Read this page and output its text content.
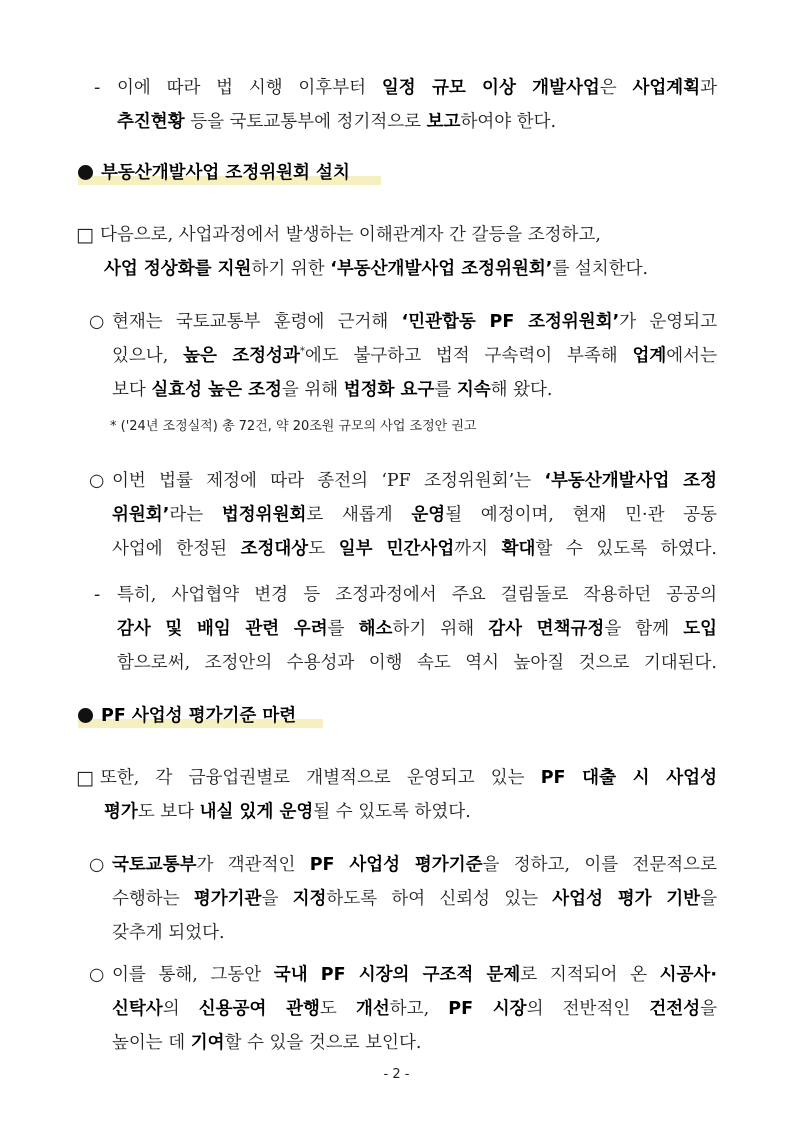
- 이에 따라 법 시행 이후부터 일정 규모 이상 개발사업은 사업계획과
추진현황 등을 국토교통부에 정기적으로 보고하여야 한다.
부동산개발사업 조정위원회 설치
□ 다음으로, 사업과정에서 발생하는 이해관계자 간 갈등을 조정하고,
사업 정상화를 지원하기 위한 ‘부동산개발사업 조정위원회’를 설치한다.
○ 현재는 국토교통부 훈령에 근거해 ‘민관합동 PF 조정위원회’가 운영되고
있으나, 높은 조정성과*에도 불구하고 법적 구속력이 부족해 업계에서는
보다 실효성 높은 조정을 위해 법정화 요구를 지속해 왔다.
* ('24년 조정실적) 총 72건, 약 20조원 규모의 사업 조정안 권고
○ 이번 법률 제정에 따라 종전의 ‘PF 조정위원회’는 ‘부동산개발사업 조정
위원회’라는 법정위원회로 새롭게 운영될 예정이며, 현재 민·관 공동
사업에 한정된 조정대상도 일부 민간사업까지 확대할 수 있도록 하였다.
- 특히, 사업협약 변경 등 조정과정에서 주요 걸림돌로 작용하던 공공의
감사 및 배임 관련 우려를 해소하기 위해 감사 면책규정을 함께 도입
함으로써, 조정안의 수용성과 이행 속도 역시 높아질 것으로 기대된다.
PF 사업성 평가기준 마련
□ 또한, 각 금융업권별로 개별적으로 운영되고 있는 PF 대출 시 사업성
평가도 보다 내실 있게 운영될 수 있도록 하였다.
○ 국토교통부가 객관적인 PF 사업성 평가기준을 정하고, 이를 전문적으로
수행하는 평가기관을 지정하도록 하여 신뢰성 있는 사업성 평가 기반을
갖추게 되었다.
○ 이를 통해, 그동안 국내 PF 시장의 구조적 문제로 지적되어 온 시공사·
신탁사의 신용공여 관행도 개선하고, PF 시장의 전반적인 건전성을
높이는 데 기여할 수 있을 것으로 보인다.
- 2 -
